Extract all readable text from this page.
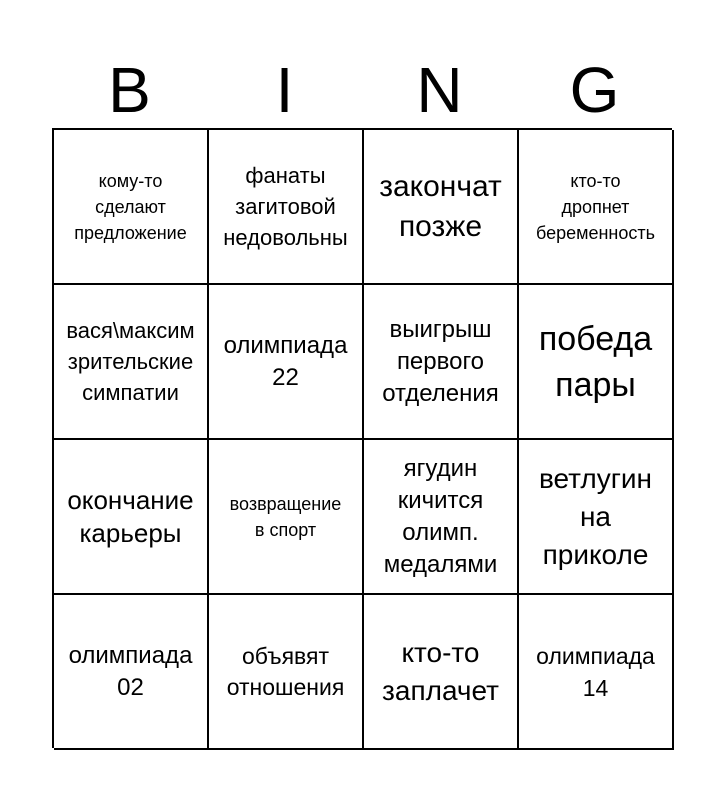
B	I	N	G
кому-то
сделают
предложение
фанаты
загитовой
недовольны
закончат
позже
кто-то
дропнет
беременность
вася\максим
зрительские
симпатии
олимпиада
22
выигрыш
первого
отделения
победа
пары
окончание
карьеры
возвращение
в спорт
ягудин
кичится
олимп.
медалями
ветлугин
на
приколе
олимпиада
02
объявят
отношения
кто-то
заплачет
олимпиада
14
